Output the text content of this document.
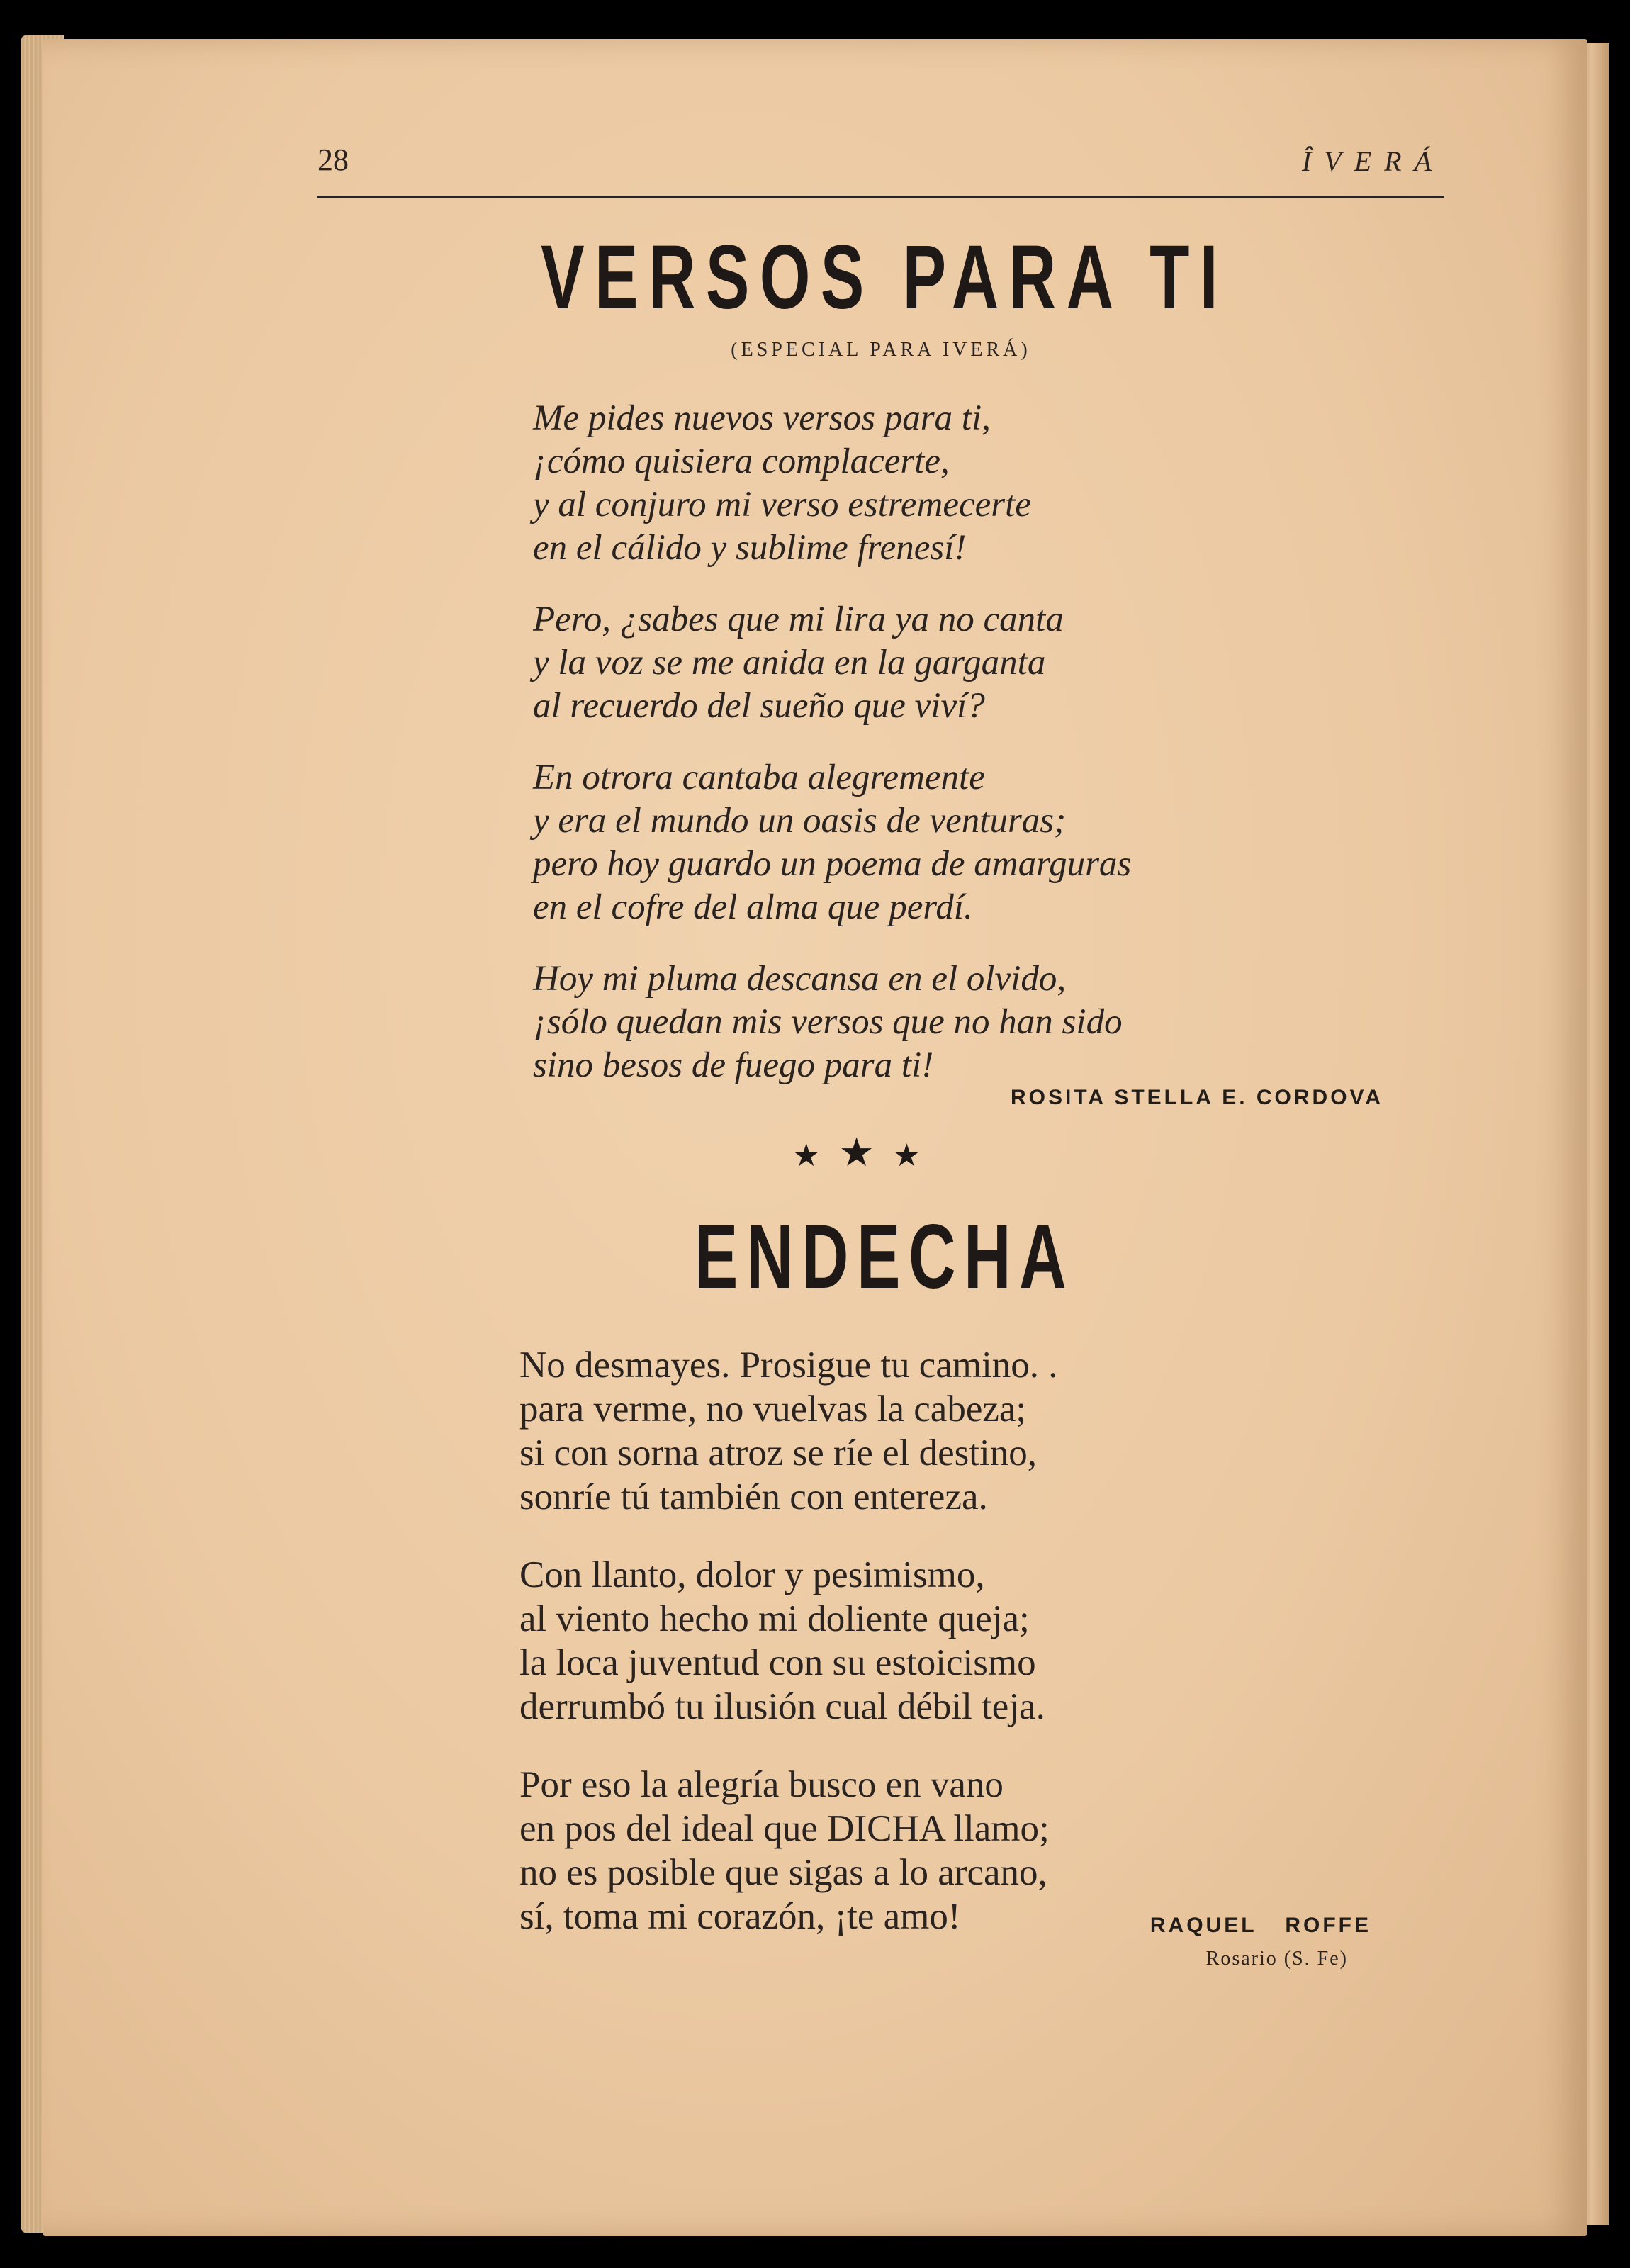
28	ÎVERÁ
VERSOS PARA TI
(ESPECIAL PARA IVERÁ)
Me pides nuevos versos para ti,
¡cómo quisiera complacerte,
y al conjuro mi verso estremecerte
en el cálido y sublime frenesí!
Pero, ¿sabes que mi lira ya no canta
y la voz se me anida en la garganta
al recuerdo del sueño que viví?
En otrora cantaba alegremente
y era el mundo un oasis de venturas;
pero hoy guardo un poema de amarguras
en el cofre del alma que perdí.
Hoy mi pluma descansa en el olvido,
¡sólo quedan mis versos que no han sido
sino besos de fuego para ti!
ROSITA STELLA E. CORDOVA
★★★
ENDECHA
No desmayes. Prosigue tu camino. .
para verme, no vuelvas la cabeza;
si con sorna atroz se ríe el destino,
sonríe tú también con entereza.
Con llanto, dolor y pesimismo,
al viento hecho mi doliente queja;
la loca juventud con su estoicismo
derrumbó tu ilusión cual débil teja.
Por eso la alegría busco en vano
en pos del ideal que DICHA llamo;
no es posible que sigas a lo arcano,
sí, toma mi corazón, ¡te amo!	RAQUEL ROFFE
Rosario (S. Fe)
